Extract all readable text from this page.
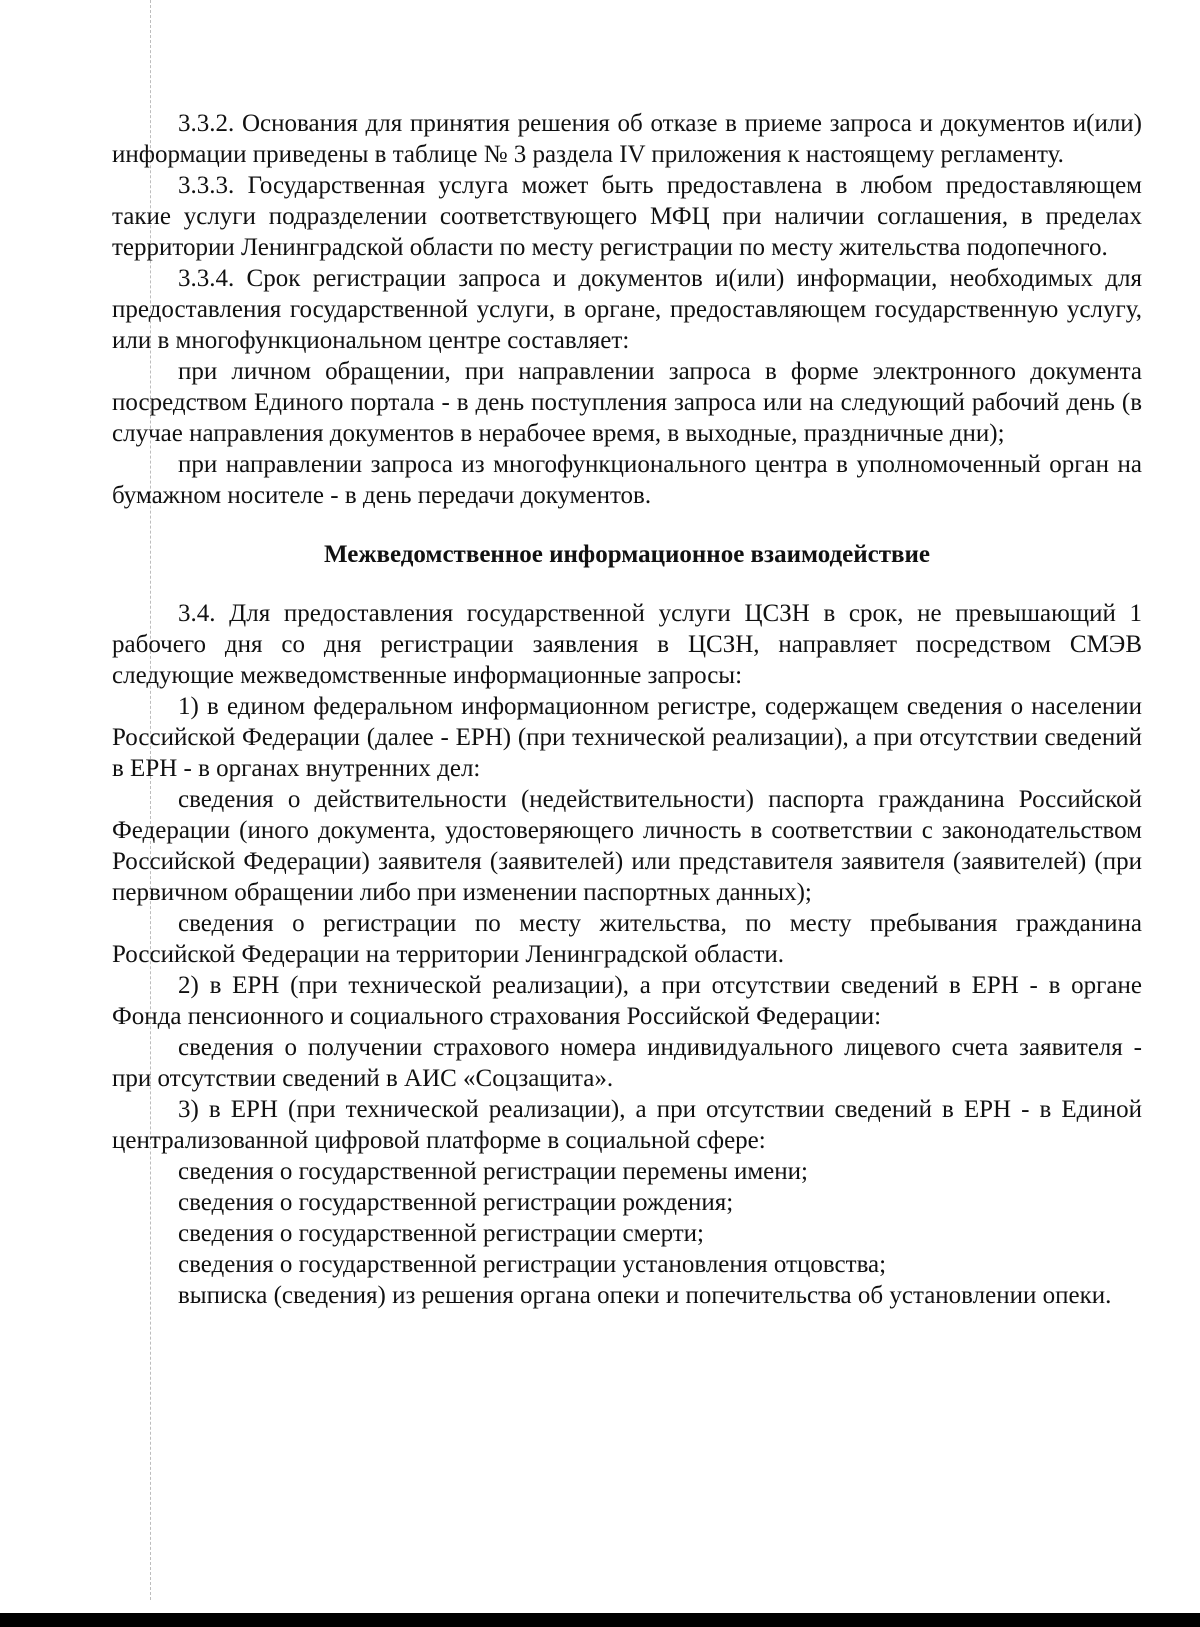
3.3.2. Основания для принятия решения об отказе в приеме запроса и документов и(или) информации приведены в таблице № 3 раздела IV приложения к настоящему регламенту.

3.3.3. Государственная услуга может быть предоставлена в любом предоставляющем такие услуги подразделении соответствующего МФЦ при наличии соглашения, в пределах территории Ленинградской области по месту регистрации по месту жительства подопечного.

3.3.4. Срок регистрации запроса и документов и(или) информации, необходимых для предоставления государственной услуги, в органе, предоставляющем государственную услугу, или в многофункциональном центре составляет:

при личном обращении, при направлении запроса в форме электронного документа посредством Единого портала - в день поступления запроса или на следующий рабочий день (в случае направления документов в нерабочее время, в выходные, праздничные дни);

при направлении запроса из многофункционального центра в уполномоченный орган на бумажном носителе - в день передачи документов.

Межведомственное информационное взаимодействие

3.4. Для предоставления государственной услуги ЦСЗН в срок, не превышающий 1 рабочего дня со дня регистрации заявления в ЦСЗН, направляет посредством СМЭВ следующие межведомственные информационные запросы:

1) в едином федеральном информационном регистре, содержащем сведения о населении Российской Федерации (далее - ЕРН) (при технической реализации), а при отсутствии сведений в ЕРН - в органах внутренних дел:

сведения о действительности (недействительности) паспорта гражданина Российской Федерации (иного документа, удостоверяющего личность в соответствии с законодательством Российской Федерации) заявителя (заявителей) или представителя заявителя (заявителей) (при первичном обращении либо при изменении паспортных данных);

сведения о регистрации по месту жительства, по месту пребывания гражданина Российской Федерации на территории Ленинградской области.

2) в ЕРН (при технической реализации), а при отсутствии сведений в ЕРН - в органе Фонда пенсионного и социального страхования Российской Федерации:

сведения о получении страхового номера индивидуального лицевого счета заявителя - при отсутствии сведений в АИС «Соцзащита».

3) в ЕРН (при технической реализации), а при отсутствии сведений в ЕРН - в Единой централизованной цифровой платформе в социальной сфере:

сведения о государственной регистрации перемены имени;

сведения о государственной регистрации рождения;

сведения о государственной регистрации смерти;

сведения о государственной регистрации установления отцовства;

выписка (сведения) из решения органа опеки и попечительства об установлении опеки.
